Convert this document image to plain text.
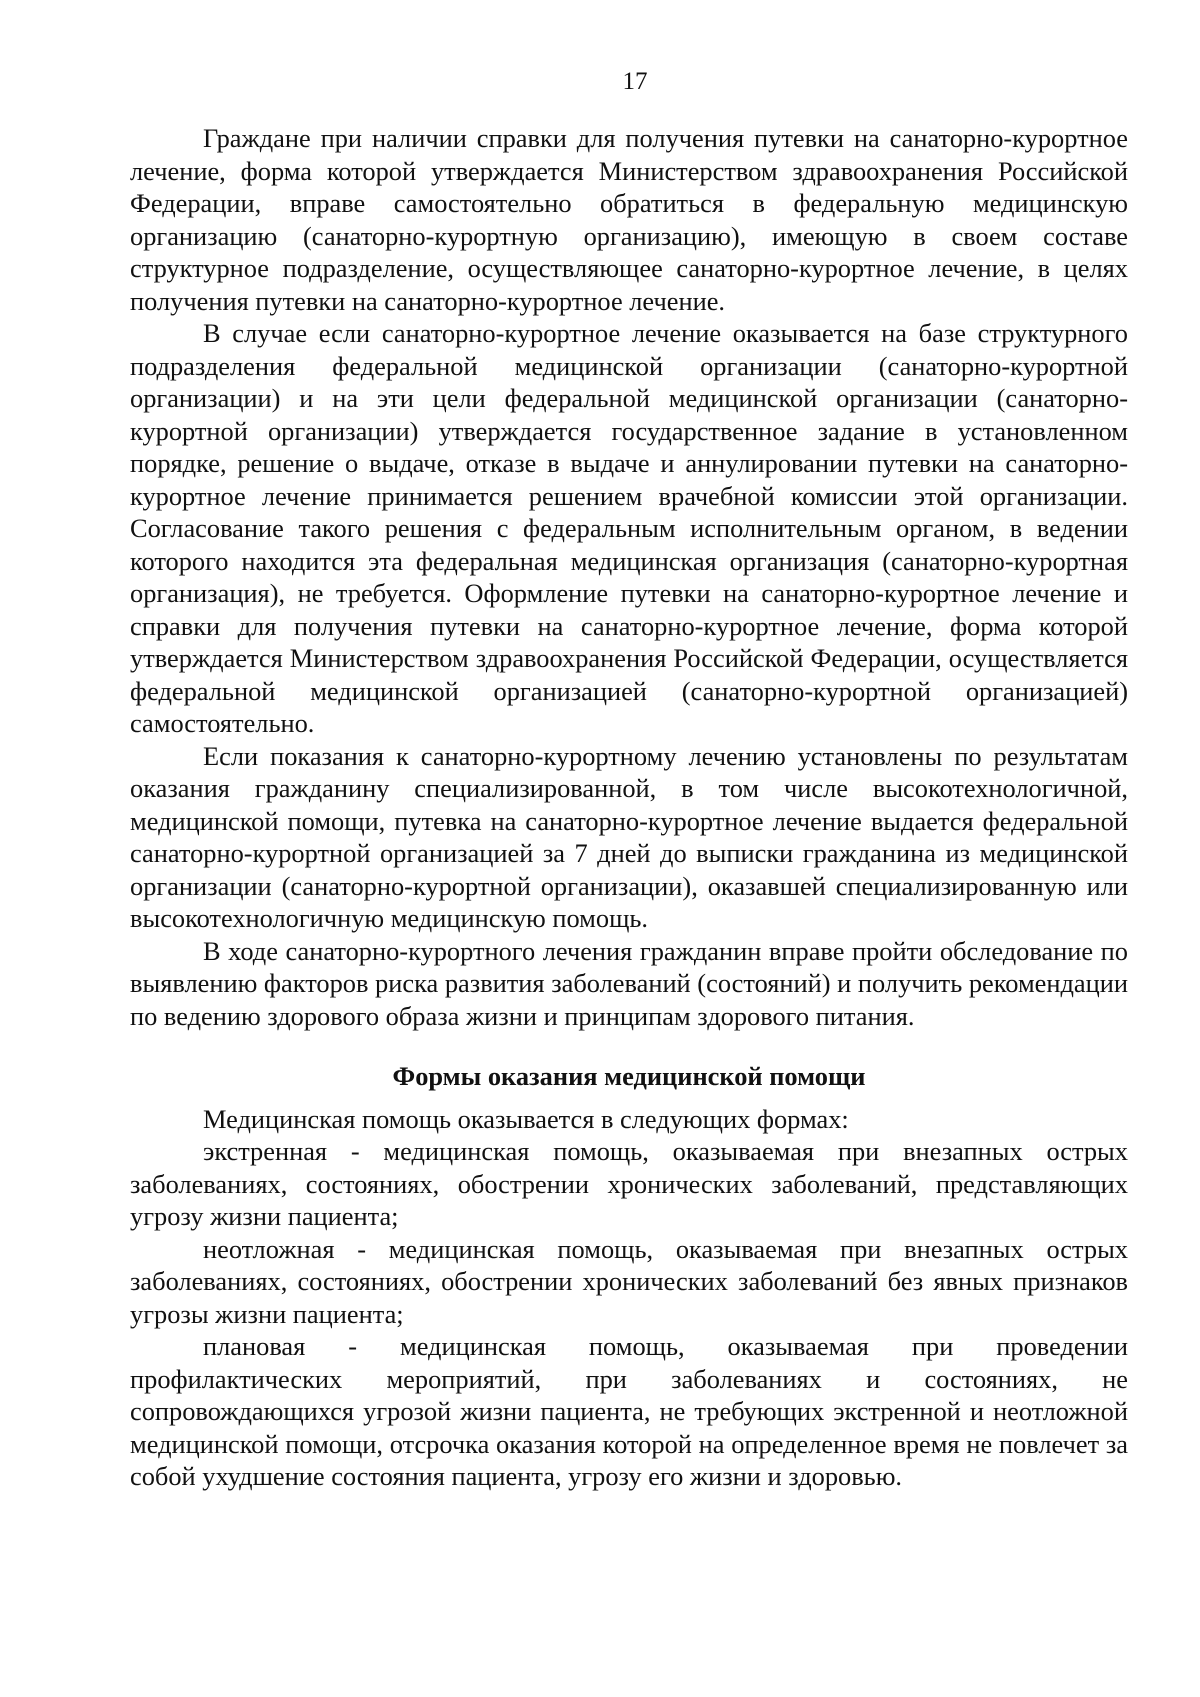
17

Граждане при наличии справки для получения путевки на санаторно-курортное лечение, форма которой утверждается Министерством здравоохранения Российской Федерации, вправе самостоятельно обратиться в федеральную медицинскую организацию (санаторно-курортную организацию), имеющую в своем составе структурное подразделение, осуществляющее санаторно-курортное лечение, в целях получения путевки на санаторно-курортное лечение.

В случае если санаторно-курортное лечение оказывается на базе структурного подразделения федеральной медицинской организации (санаторно-курортной организации) и на эти цели федеральной медицинской организации (санаторно-курортной организации) утверждается государственное задание в установленном порядке, решение о выдаче, отказе в выдаче и аннулировании путевки на санаторно-курортное лечение принимается решением врачебной комиссии этой организации. Согласование такого решения с федеральным исполнительным органом, в ведении которого находится эта федеральная медицинская организация (санаторно-курортная организация), не требуется. Оформление путевки на санаторно-курортное лечение и справки для получения путевки на санаторно-курортное лечение, форма которой утверждается Министерством здравоохранения Российской Федерации, осуществляется федеральной медицинской организацией (санаторно-курортной организацией) самостоятельно.

Если показания к санаторно-курортному лечению установлены по результатам оказания гражданину специализированной, в том числе высокотехнологичной, медицинской помощи, путевка на санаторно-курортное лечение выдается федеральной санаторно-курортной организацией за 7 дней до выписки гражданина из медицинской организации (санаторно-курортной организации), оказавшей специализированную или высокотехнологичную медицинскую помощь.

В ходе санаторно-курортного лечения гражданин вправе пройти обследование по выявлению факторов риска развития заболеваний (состояний) и получить рекомендации по ведению здорового образа жизни и принципам здорового питания.

Формы оказания медицинской помощи

Медицинская помощь оказывается в следующих формах:

экстренная - медицинская помощь, оказываемая при внезапных острых заболеваниях, состояниях, обострении хронических заболеваний, представляющих угрозу жизни пациента;

неотложная - медицинская помощь, оказываемая при внезапных острых заболеваниях, состояниях, обострении хронических заболеваний без явных признаков угрозы жизни пациента;

плановая - медицинская помощь, оказываемая при проведении профилактических мероприятий, при заболеваниях и состояниях, не сопровождающихся угрозой жизни пациента, не требующих экстренной и неотложной медицинской помощи, отсрочка оказания которой на определенное время не повлечет за собой ухудшение состояния пациента, угрозу его жизни и здоровью.
